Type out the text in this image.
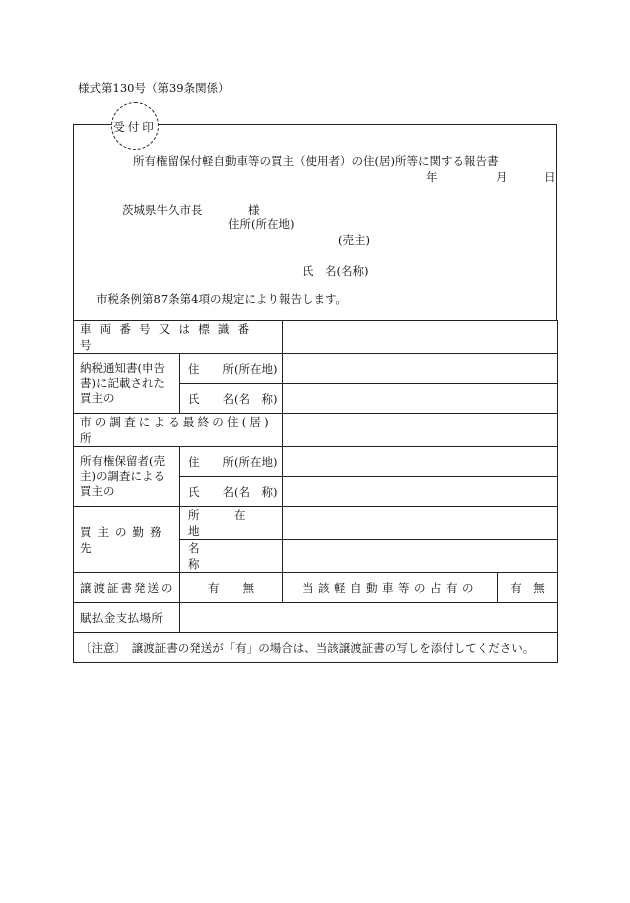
様式第130号（第39条関係）
受付印
所有権留保付軽自動車等の買主（使用者）の住(居)所等に関する報告書
年	月	日
茨城県牛久市長	様
住所(所在地)
(売主)
氏　名(名称)
市税条例第87条第4項の規定により報告します。
車両番号又は標識番号			

納税通知書(申告書)に記載された買主の	住　　所(所在地)		
	氏　　名(名　称)		
市の調査による最終の住(居)所			
所有権保留者(売主)の調査による買主の	住　　所(所在地)		
	氏　　名(名　称)		
買主の勤務先	所　　　在　　　地		
	名　　　　　　　称		
譲渡証書発送の	有　　無	当該軽自動車等の占有の	有　無
賦払金支払場所			
〔注意〕　譲渡証書の発送が「有」の場合は、当該譲渡証書の写しを添付してください。			
